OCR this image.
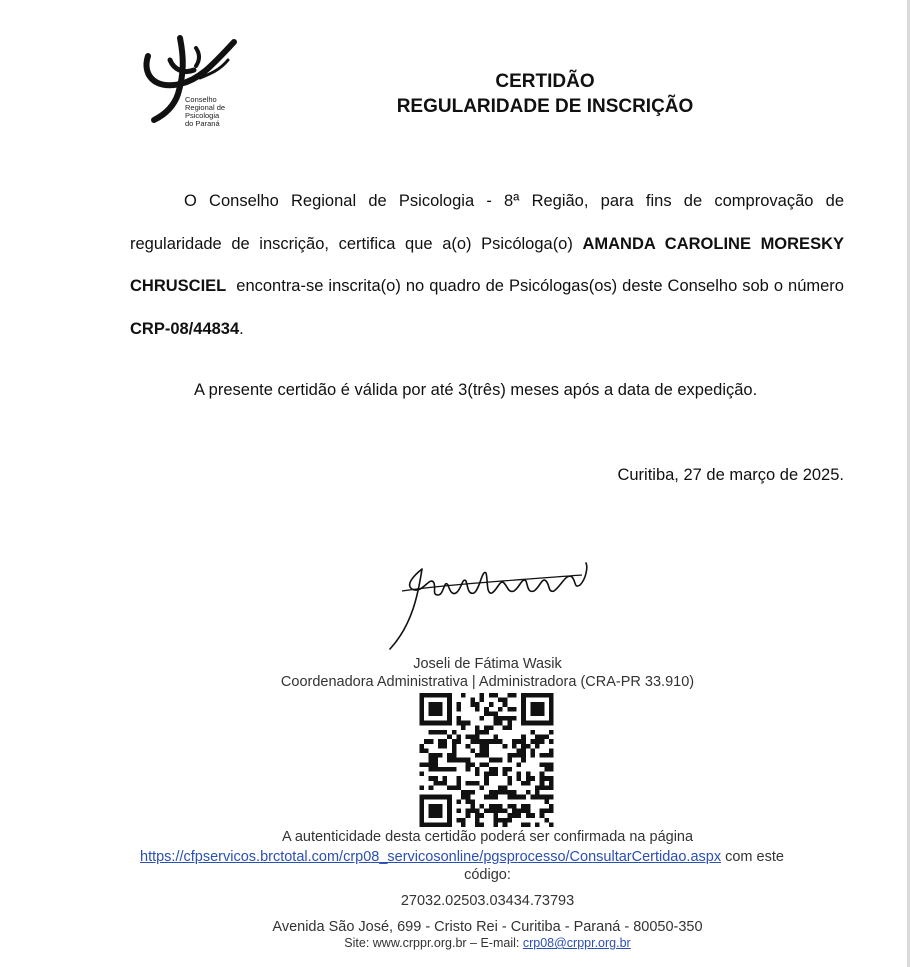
Conselho
Regional de
Psicologia
do Paraná
CERTIDÃO
REGULARIDADE DE INSCRIÇÃO

O Conselho Regional de Psicologia - 8ª Região, para fins de comprovação de regularidade de inscrição, certifica que a(o) Psicóloga(o) AMANDA CAROLINE MORESKY CHRUSCIEL  encontra-se inscrita(o) no quadro de Psicólogas(os) deste Conselho sob o número CRP-08/44834.

A presente certidão é válida por até 3(três) meses após a data de expedição.

Curitiba, 27 de março de 2025.
Joseli de Fátima Wasik
Coordenadora Administrativa | Administradora (CRA-PR 33.910)
A autenticidade desta certidão poderá ser confirmada na página
https://cfpservicos.brctotal.com/crp08_servicosonline/pgsprocesso/ConsultarCertidao.aspx com este
código:
27032.02503.03434.73793
Avenida São José, 699 - Cristo Rei - Curitiba - Paraná - 80050-350
Site: www.crppr.org.br – E-mail: crp08@crppr.org.br
